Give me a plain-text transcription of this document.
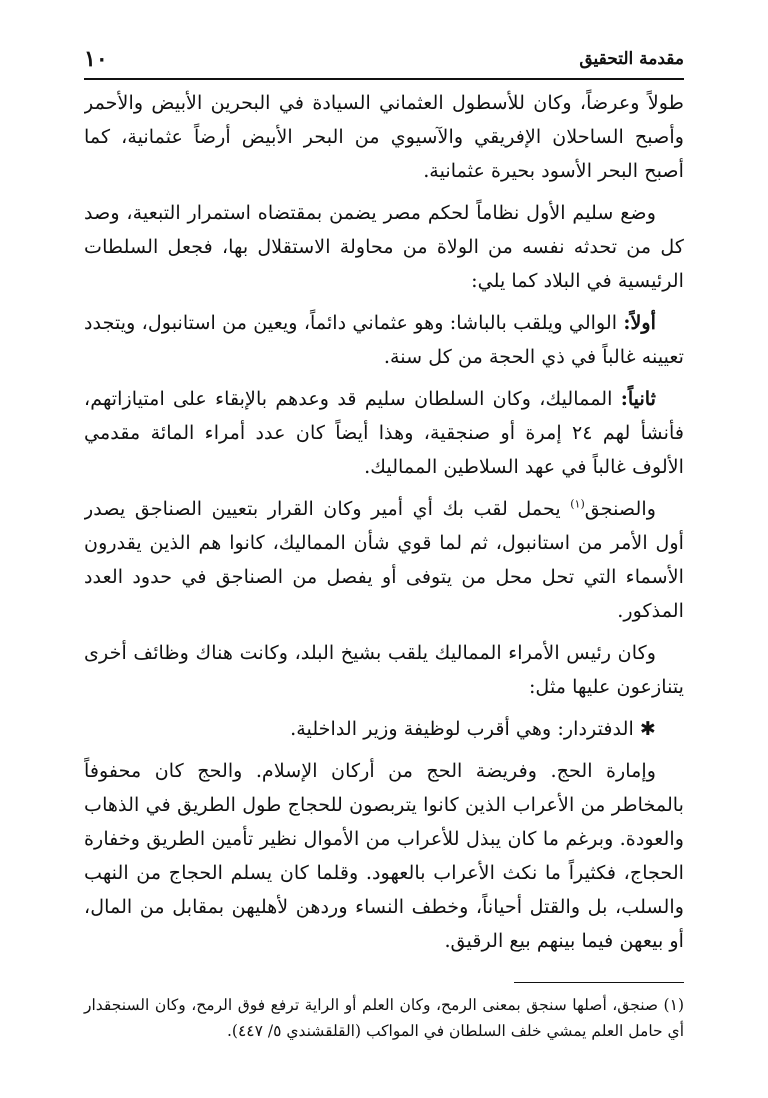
مقدمة التحقيق
١٠

طولاً وعرضاً، وكان للأسطول العثماني السيادة في البحرين الأبيض والأحمر وأصبح الساحلان الإفريقي والآسيوي من البحر الأبيض أرضاً عثمانية، كما أصبح البحر الأسود بحيرة عثمانية.

وضع سليم الأول نظاماً لحكم مصر يضمن بمقتضاه استمرار التبعية، وصد كل من تحدثه نفسه من الولاة من محاولة الاستقلال بها، فجعل السلطات الرئيسية في البلاد كما يلي:

أولاً: الوالي ويلقب بالباشا: وهو عثماني دائماً، ويعين من استانبول، ويتجدد تعيينه غالباً في ذي الحجة من كل سنة.

ثانياً: المماليك، وكان السلطان سليم قد وعدهم بالإبقاء على امتيازاتهم، فأنشأ لهم ٢٤ إمرة أو صنجقية، وهذا أيضاً كان عدد أمراء المائة مقدمي الألوف غالباً في عهد السلاطين المماليك.

والصنجق$^{(١)}$ يحمل لقب بك أي أمير وكان القرار بتعيين الصناجق يصدر أول الأمر من استانبول، ثم لما قوي شأن المماليك، كانوا هم الذين يقدرون الأسماء التي تحل محل من يتوفى أو يفصل من الصناجق في حدود العدد المذكور.

وكان رئيس الأمراء المماليك يلقب بشيخ البلد، وكانت هناك وظائف أخرى يتنازعون عليها مثل:

✱ الدفتردار: وهي أقرب لوظيفة وزير الداخلية.

وإمارة الحج. وفريضة الحج من أركان الإسلام. والحج كان محفوفاً بالمخاطر من الأعراب الذين كانوا يتربصون للحجاج طول الطريق في الذهاب والعودة. وبرغم ما كان يبذل للأعراب من الأموال نظير تأمين الطريق وخفارة الحجاج، فكثيراً ما نكث الأعراب بالعهود. وقلما كان يسلم الحجاج من النهب والسلب، بل والقتل أحياناً، وخطف النساء وردهن لأهليهن بمقابل من المال، أو بيعهن فيما بينهم بيع الرقيق.

(١) صنجق، أصلها سنجق بمعنى الرمح، وكان العلم أو الراية ترفع فوق الرمح، وكان السنجقدار أي حامل العلم يمشي خلف السلطان في المواكب (القلقشندي ٥/ ٤٤٧).
